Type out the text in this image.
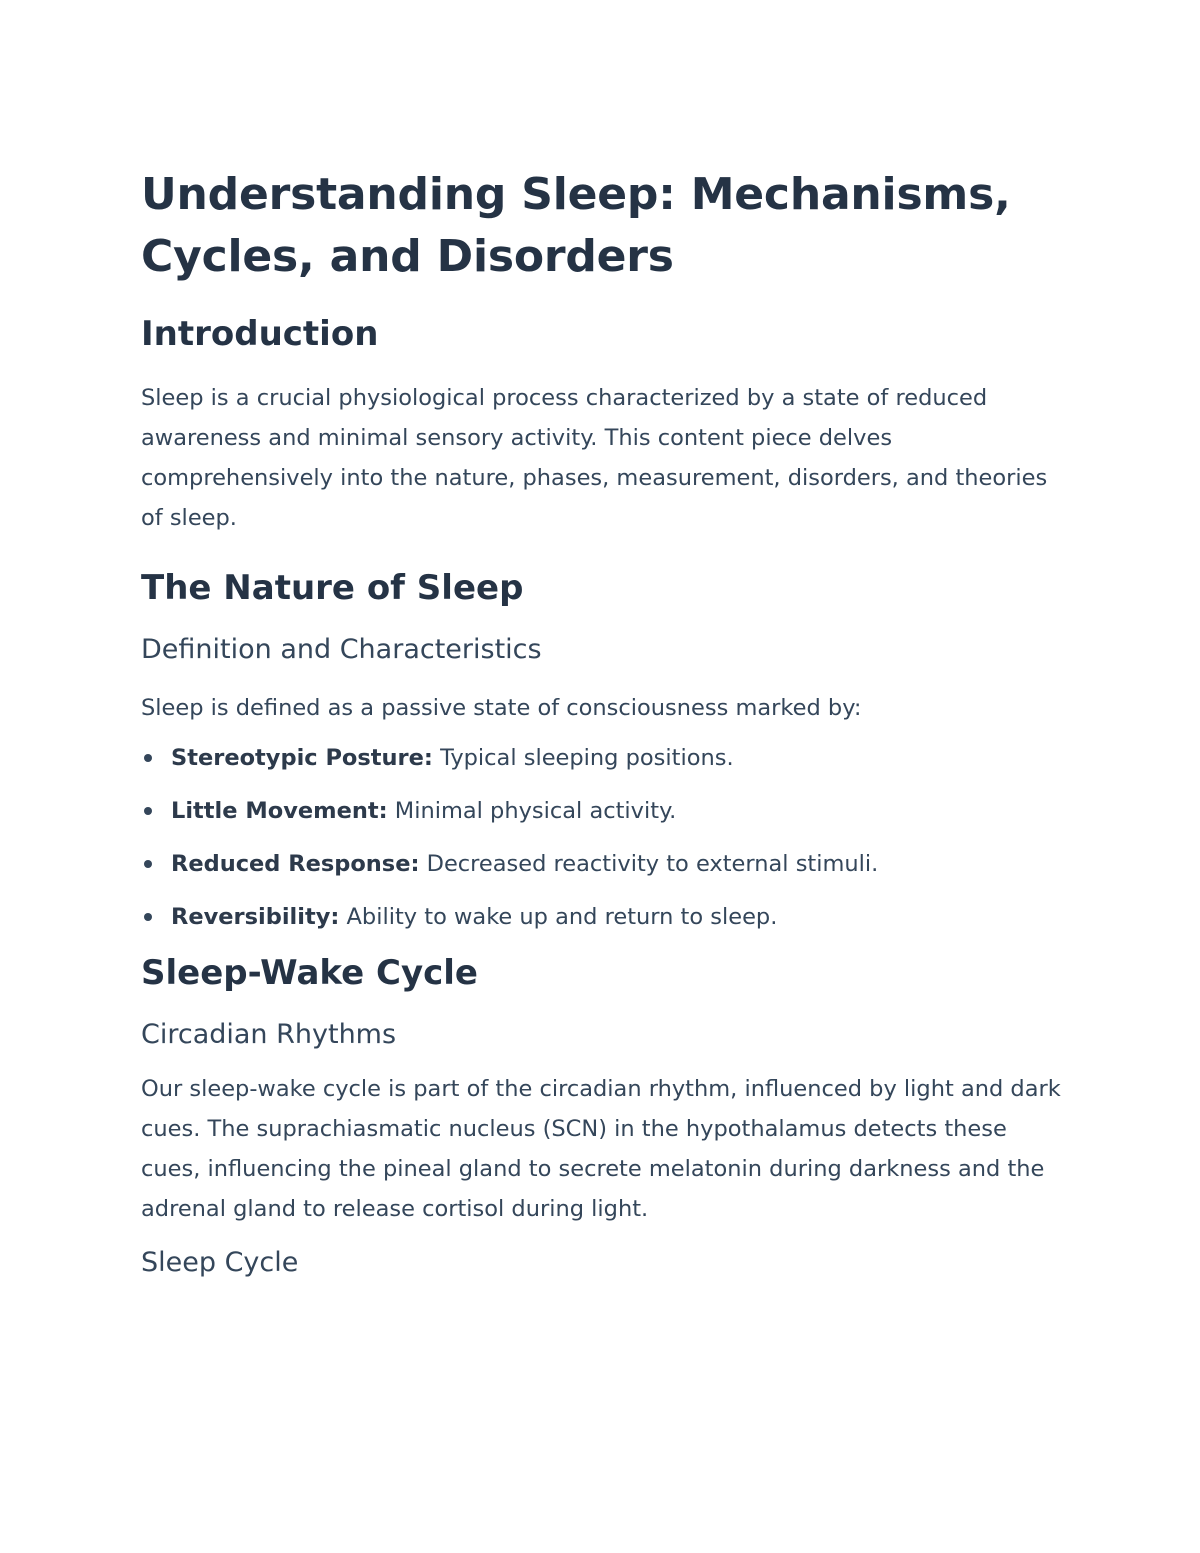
Understanding Sleep: Mechanisms, Cycles, and Disorders
Introduction

Sleep is a crucial physiological process characterized by a state of reduced awareness and minimal sensory activity. This content piece delves comprehensively into the nature, phases, measurement, disorders, and theories of sleep.

The Nature of Sleep
Definition and Characteristics

Sleep is defined as a passive state of consciousness marked by:

Stereotypic Posture: Typical sleeping positions.
Little Movement: Minimal physical activity.
Reduced Response: Decreased reactivity to external stimuli.
Reversibility: Ability to wake up and return to sleep.
Sleep-Wake Cycle
Circadian Rhythms

Our sleep-wake cycle is part of the circadian rhythm, influenced by light and dark cues. The suprachiasmatic nucleus (SCN) in the hypothalamus detects these cues, influencing the pineal gland to secrete melatonin during darkness and the adrenal gland to release cortisol during light.

Sleep Cycle
